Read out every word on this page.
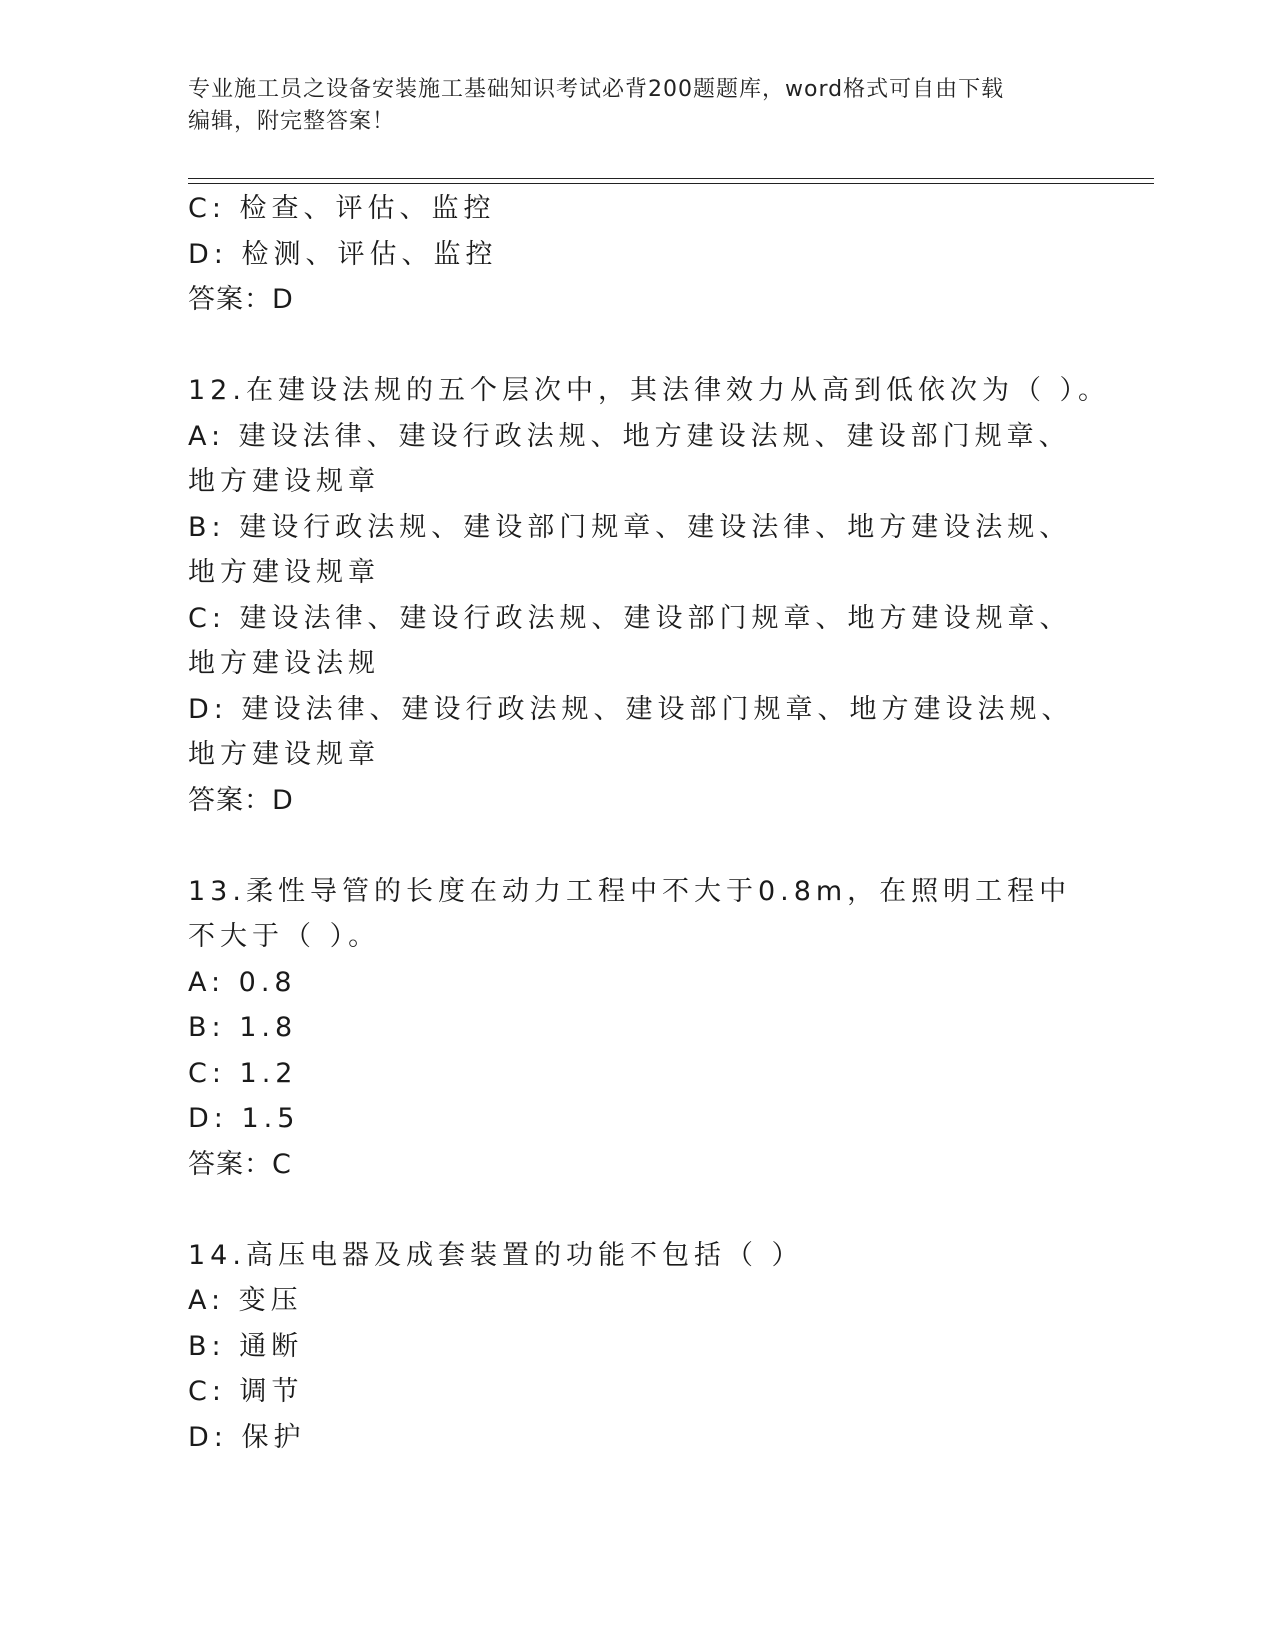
专业施工员之设备安装施工基础知识考试必背200题题库，word格式可自由下载
编辑，附完整答案！
C: 检查、评估、监控
D: 检测、评估、监控
答案：D
12.在建设法规的五个层次中，其法律效力从高到低依次为（ ）。
A: 建设法律、建设行政法规、地方建设法规、建设部门规章、地方建设规章
B: 建设行政法规、建设部门规章、建设法律、地方建设法规、地方建设规章
C: 建设法律、建设行政法规、建设部门规章、地方建设规章、地方建设法规
D: 建设法律、建设行政法规、建设部门规章、地方建设法规、地方建设规章
答案：D
13.柔性导管的长度在动力工程中不大于0.8m，在照明工程中不大于（ ）。
A: 0.8
B: 1.8
C: 1.2
D: 1.5
答案：C
14.高压电器及成套装置的功能不包括（ ）
A: 变压
B: 通断
C: 调节
D: 保护
